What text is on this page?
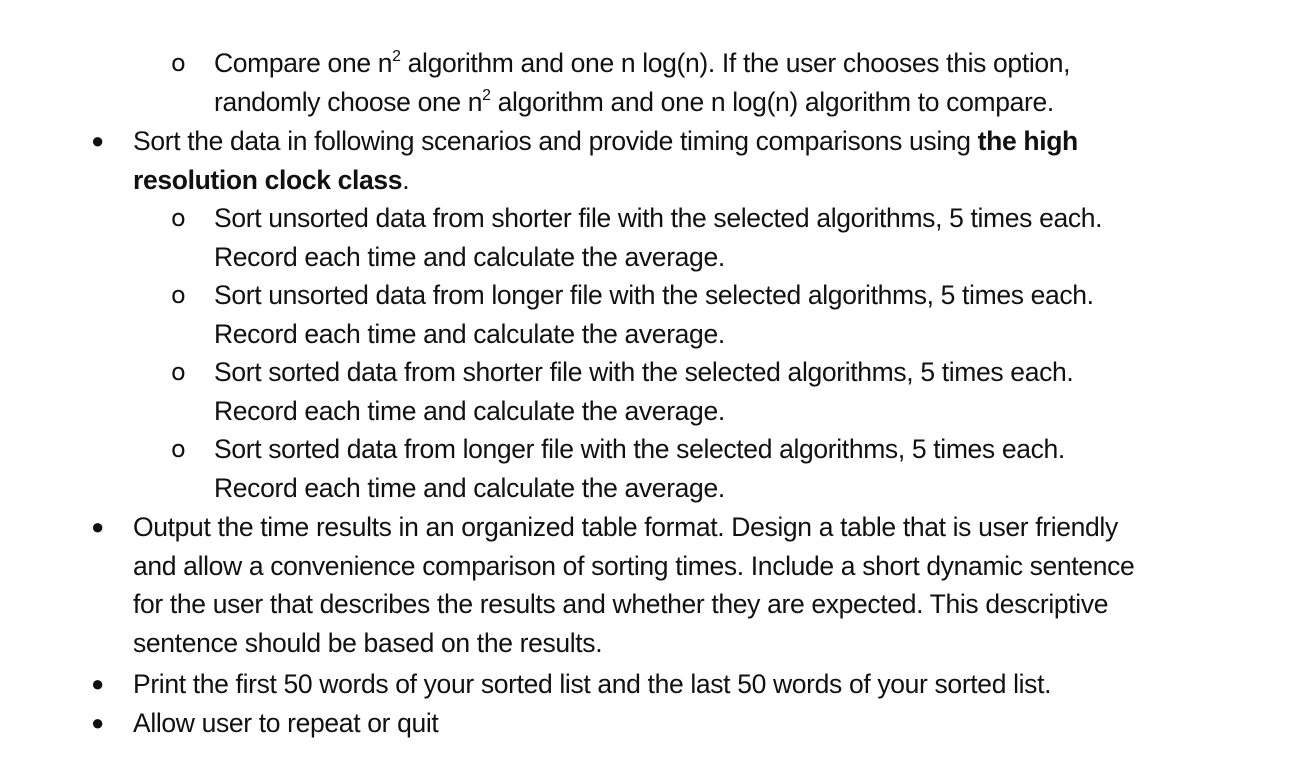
o Compare one $n^2$ algorithm and one n log(n). If the user chooses this option,
randomly choose one $n^2$ algorithm and one n log(n) algorithm to compare.
● Sort the data in following scenarios and provide timing comparisons using the high
resolution clock class.
o Sort unsorted data from shorter file with the selected algorithms, 5 times each.
Record each time and calculate the average.
o Sort unsorted data from longer file with the selected algorithms, 5 times each.
Record each time and calculate the average.
o Sort sorted data from shorter file with the selected algorithms, 5 times each.
Record each time and calculate the average.
o Sort sorted data from longer file with the selected algorithms, 5 times each.
Record each time and calculate the average.
● Output the time results in an organized table format. Design a table that is user friendly
and allow a convenience comparison of sorting times. Include a short dynamic sentence
for the user that describes the results and whether they are expected. This descriptive
sentence should be based on the results.
● Print the first 50 words of your sorted list and the last 50 words of your sorted list.
● Allow user to repeat or quit
